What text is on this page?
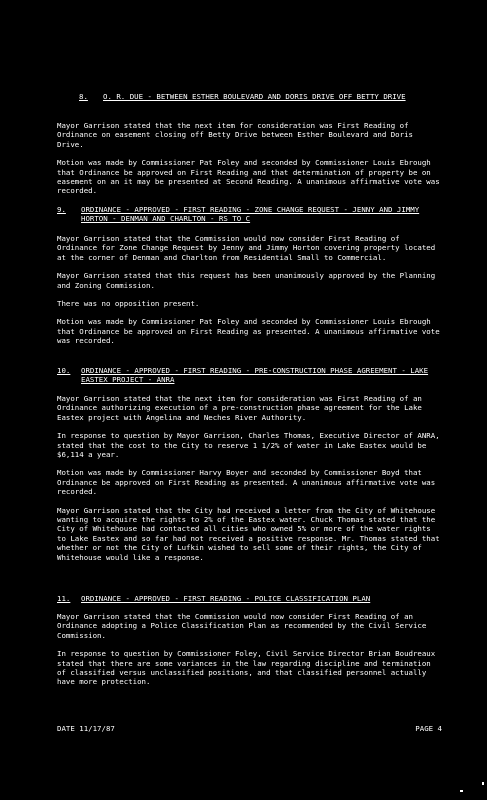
8.	O. R. DUE - BETWEEN ESTHER BOULEVARD AND DORIS DRIVE OFF BETTY DRIVE

Mayor Garrison stated that the next item for consideration was First Reading of Ordinance on easement closing off Betty Drive between Esther Boulevard and Doris Drive.

Motion was made by Commissioner Pat Foley and seconded by Commissioner Louis Ebrough that Ordinance be approved on First Reading and that determination of property be on easement on an it may be presented at Second Reading. A unanimous affirmative vote was recorded.

9.	ORDINANCE - APPROVED - FIRST READING - ZONE CHANGE REQUEST - JENNY AND JIMMY HORTON - DENMAN AND CHARLTON - RS TO C

Mayor Garrison stated that the Commission would now consider First Reading of Ordinance for Zone Change Request by Jenny and Jimmy Horton covering property located at the corner of Denman and Charlton from Residential Small to Commercial.

Mayor Garrison stated that this request has been unanimously approved by the Planning and Zoning Commission.

There was no opposition present.

Motion was made by Commissioner Pat Foley and seconded by Commissioner Louis Ebrough that Ordinance be approved on First Reading as presented. A unanimous affirmative vote was recorded.

10.	ORDINANCE - APPROVED - FIRST READING - PRE-CONSTRUCTION PHASE AGREEMENT - LAKE EASTEX PROJECT - ANRA

Mayor Garrison stated that the next item for consideration was First Reading of an Ordinance authorizing execution of a pre-construction phase agreement for the Lake Eastex project with Angelina and Neches River Authority.

In response to question by Mayor Garrison, Charles Thomas, Executive Director of ANRA, stated that the cost to the City to reserve 1 1/2% of water in Lake Eastex would be $6,114 a year.

Motion was made by Commissioner Harvy Boyer and seconded by Commissioner Boyd that Ordinance be approved on First Reading as presented. A unanimous affirmative vote was recorded.

Mayor Garrison stated that the City had received a letter from the City of Whitehouse wanting to acquire the rights to 2% of the Eastex water. Chuck Thomas stated that the City of Whitehouse had contacted all cities who owned 5% or more of the water rights to Lake Eastex and so far had not received a positive response. Mr. Thomas stated that whether or not the City of Lufkin wished to sell some of their rights, the City of Whitehouse would like a response.

11.	ORDINANCE - APPROVED - FIRST READING - POLICE CLASSIFICATION PLAN

Mayor Garrison stated that the Commission would now consider First Reading of an Ordinance adopting a Police Classification Plan as recommended by the Civil Service Commission.

In response to question by Commissioner Foley, Civil Service Director Brian Boudreaux stated that there are some variances in the law regarding discipline and termination of classified versus unclassified positions, and that classified personnel actually have more protection.

DATE 11/17/87	PAGE 4
